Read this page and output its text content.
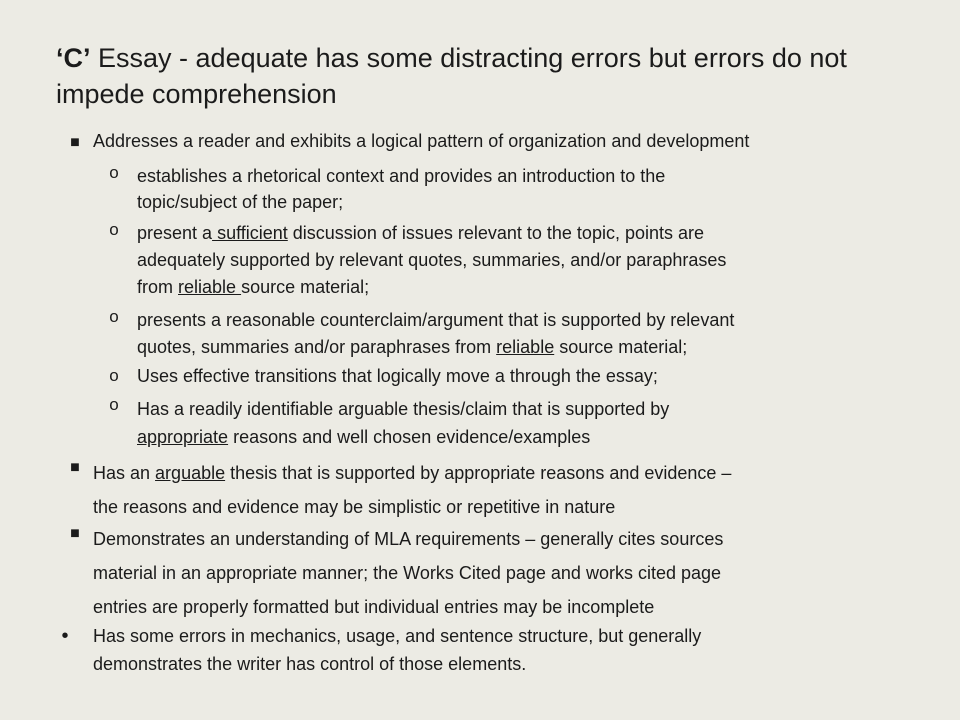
‘C’ Essay - adequate has some distracting errors but errors do not impede comprehension
■ Addresses a reader and exhibits a logical pattern of organization and development
o establishes a rhetorical context and provides an introduction to the
topic/subject of the paper;
o present a sufficient discussion of issues relevant to the topic, points are
adequately supported by relevant quotes, summaries, and/or paraphrases
from reliable source material;
o presents a reasonable counterclaim/argument that is supported by relevant
quotes, summaries and/or paraphrases from reliable source material;
o Uses effective transitions that logically move a through the essay;
o Has a readily identifiable arguable thesis/claim that is supported by
appropriate reasons and well chosen evidence/examples
■ Has an arguable thesis that is supported by appropriate reasons and evidence –
the reasons and evidence may be simplistic or repetitive in nature
■ Demonstrates an understanding of MLA requirements – generally cites sources
material in an appropriate manner; the Works Cited page and works cited page
entries are properly formatted but individual entries may be incomplete
•	Has some errors in mechanics, usage, and sentence structure, but generally
demonstrates the writer has control of those elements.
